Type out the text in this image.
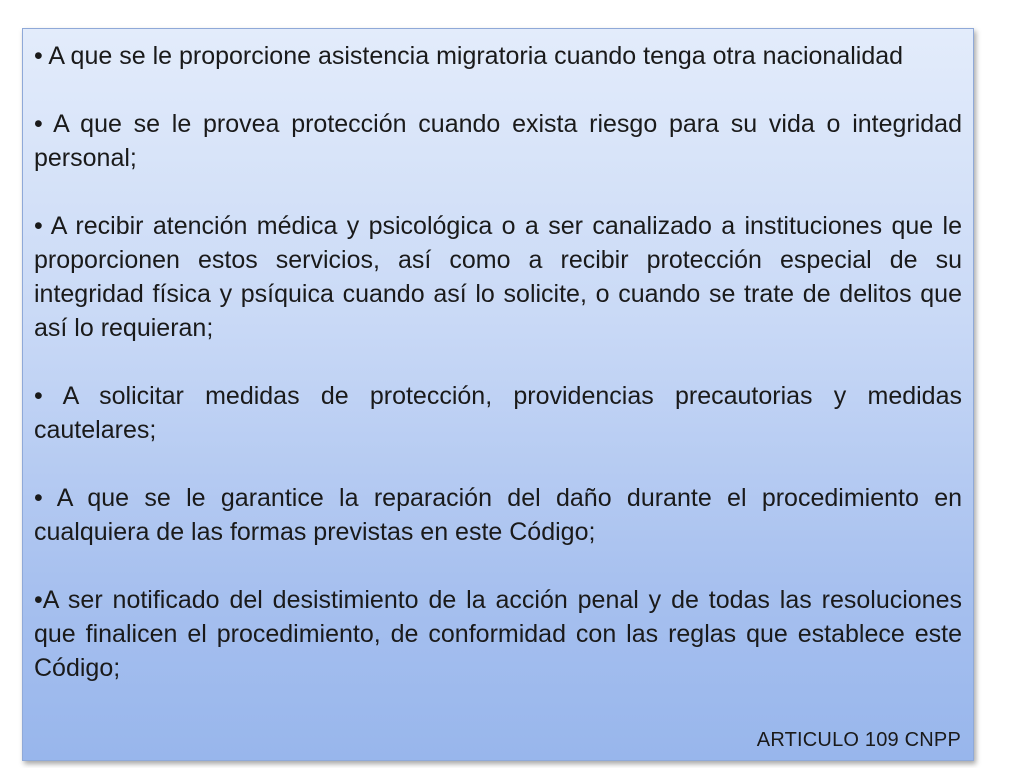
• A que se le proporcione asistencia migratoria cuando tenga otra nacionalidad

• A que se le provea protección cuando exista riesgo para su vida o integridad personal;

• A recibir atención médica y psicológica o a ser canalizado a instituciones que le proporcionen estos servicios, así como a recibir protección especial de su integridad física y psíquica cuando así lo solicite, o cuando se trate de delitos que así lo requieran;

• A solicitar medidas de protección, providencias precautorias y medidas cautelares;

• A que se le garantice la reparación del daño durante el procedimiento en cualquiera de las formas previstas en este Código;

•A ser notificado del desistimiento de la acción penal y de todas las resoluciones que finalicen el procedimiento, de conformidad con las reglas que establece este Código;

ARTICULO 109 CNPP
